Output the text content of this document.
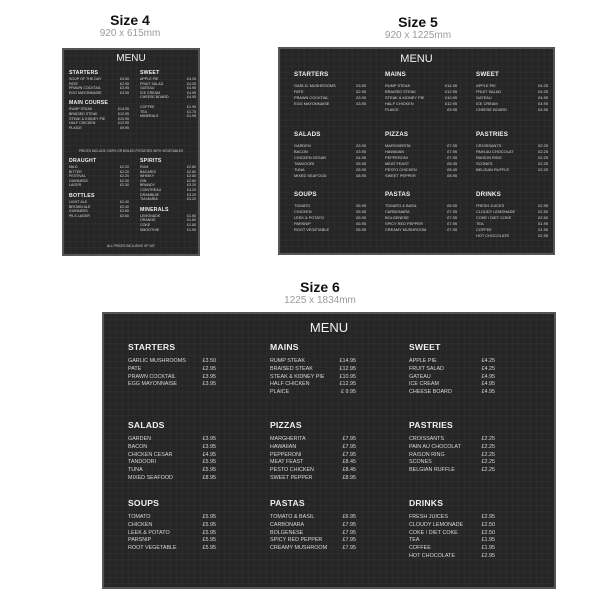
Size 4
920 x 615mm
Size 5
920 x 1225mm
Size 6
1225 x 1834mm
MENU
STARTERS
SOUP OF THE DAY	£3.50
PATE	£2.95
PRAWN COCKTAIL	£3.95
EGG MAYONNAISE	£3.95
MAIN COURSE
RUMP STEAK	£14.95
BRAISED STEAK	£12.95
STEAK & KIDNEY PIE	£10.95
HALF CHICKEN	£12.95
PLAICE	£9.95
SWEET
APPLE PIE	£4.25
FRUIT SALAD	£4.25
GATEAU	£4.95
ICE CREAM	£4.95
CHEESE BOARD	£4.95
COFFEE	£1.95
TEA	£1.75
MINERALS	£1.95
PRICES INCLUDE CHIPS OR BOILED POTATOES WITH VEGETABLES
DRAUGHT
MILD	£2.20
BITTER	£2.20
FESTIVAL	£2.20
GUINNESS	£2.30
LAGER	£2.30
BOTTLES
LIGHT ALE	£2.40
BROWN ALE	£2.40
GUINNESS	£2.60
PILS LAGER	£2.60
SPIRITS
RUM	£2.80
BACARDI	£2.80
WHISKY	£2.80
GIN	£2.80
BRANDY	£3.20
COINTREAU	£3.20
DRAMBUIE	£3.20
TIA MARIA	£3.20
MINERALS
LEMONADE	£1.60
ORANGE	£1.60
COKE	£1.80
SMOOTHIE	£1.90
ALL PRICES INCLUSIVE OF VAT
MENU
STARTERS
GARLIC MUSHROOMS	£3.50
PATE	£2.95
PRAWN COCKTAIL	£3.95
EGG MAYONNAISE	£3.95
SALADS
GARDEN	£3.95
BACON	£3.95
CHICKEN CESAR	£4.95
TANDOORI	£5.95
TUNA	£5.95
MIXED SEAFOOD	£8.95
SOUPS
TOMATO	£5.95
CHICKEN	£5.95
LEEK & POTATO	£5.95
PARSNIP	£5.95
ROOT VEGETABLE	£5.95
MAINS
RUMP STEAK	£14.95
BRAISED STEAK	£12.95
STEAK & KIDNEY PIE	£10.95
HALF CHICKEN	£12.95
PLAICE	£9.95
PIZZAS
MARGHERITA	£7.95
HAWAIIAN	£7.95
PEPPERONI	£7.95
MEAT FEAST	£8.45
PESTO CHICKEN	£8.45
SWEET PEPPER	£8.95
PASTAS
TOMATO & BASIL	£6.95
CARBONARA	£7.95
BOLGENESE	£7.95
SPICY RED PEPPER	£7.95
CREAMY MUSHROOM	£7.95
SWEET
APPLE PIE	£4.25
FRUIT SALAD	£4.25
GATEAU	£4.95
ICE CREAM	£4.95
CHEESE BOARD	£4.95
PASTRIES
CROISSANTS	£2.25
PAIN AU CHOCOLAT	£2.25
RAISON RING	£2.25
SCONES	£2.25
BELGIAN RUFFLE	£2.25
DRINKS
FRESH JUICES	£2.95
CLOUDY LEMONADE	£2.50
COKE / DIET COKE	£2.50
TEA	£1.95
COFFEE	£1.95
HOT CHOCOLATE	£2.95
MENU
STARTERS
GARLIC MUSHROOMS	£3.50
PATE	£2.95
PRAWN COCKTAIL	£3.95
EGG MAYONNAISE	£3.95
SALADS
GARDEN	£3.95
BACON	£3.95
CHICKEN CESAR	£4.95
TANDOORI	£5.95
TUNA	£5.95
MIXED SEAFOOD	£8.95
SOUPS
TOMATO	£5.95
CHICKEN	£5.95
LEEK & POTATO	£5.95
PARSNIP	£5.95
ROOT VEGETABLE	£5.95
MAINS
RUMP STEAK	£14.95
BRAISED STEAK	£12.95
STEAK & KIDNEY PIE	£10.95
HALF CHICKEN	£12.95
PLAICE	£ 9.95
PIZZAS
MARGHERITA	£7.95
HAWAIIAN	£7.95
PEPPERONI	£7.95
MEAT FEAST	£8.45
PESTO CHICKEN	£8.45
SWEET PEPPER	£8.95
PASTAS
TOMATO & BASIL	£6.95
CARBONARA	£7.95
BOLGENESE	£7.95
SPICY RED PEPPER	£7.95
CREAMY MUSHROOM	£7.95
SWEET
APPLE PIE	£4.25
FRUIT SALAD	£4.25
GATEAU	£4.95
ICE CREAM	£4.95
CHEESE BOARD	£4.95
PASTRIES
CROISSANTS	£2.25
PAIN AU CHOCOLAT	£2.25
RAISON RING	£2.25
SCONES	£2.25
BELGIAN RUFFLE	£2.25
DRINKS
FRESH JUICES	£2.95
CLOUDY LEMONADE	£2.50
COKE / DIET COKE	£2.50
TEA	£1.95
COFFEE	£1.95
HOT CHOCOLATE	£2.95
